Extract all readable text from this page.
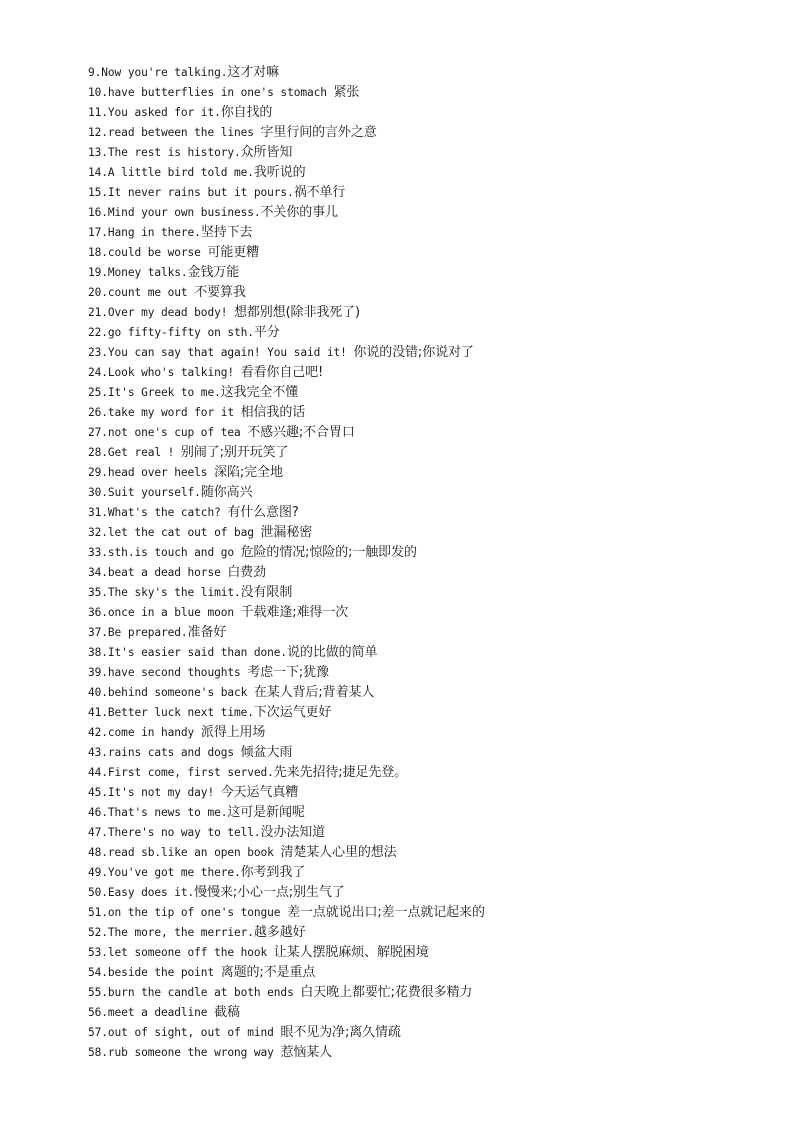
9.Now you're talking.这才对嘛
10.have butterflies in one's stomach 紧张
11.You asked for it.你自找的
12.read between the lines 字里行间的言外之意
13.The rest is history.众所皆知
14.A little bird told me.我听说的
15.It never rains but it pours.祸不单行
16.Mind your own business.不关你的事儿
17.Hang in there.坚持下去
18.could be worse 可能更糟
19.Money talks.金钱万能
20.count me out 不要算我
21.Over my dead body! 想都别想(除非我死了)
22.go fifty-fifty on sth.平分
23.You can say that again! You said it! 你说的没错;你说对了
24.Look who's talking! 看看你自己吧!
25.It's Greek to me.这我完全不懂
26.take my word for it 相信我的话
27.not one's cup of tea 不感兴趣;不合胃口
28.Get real ! 别闹了;别开玩笑了
29.head over heels 深陷;完全地
30.Suit yourself.随你高兴
31.What's the catch? 有什么意图?
32.let the cat out of bag 泄漏秘密
33.sth.is touch and go 危险的情况;惊险的;一触即发的
34.beat a dead horse 白费劲
35.The sky's the limit.没有限制
36.once in a blue moon 千载难逢;难得一次
37.Be prepared.准备好
38.It's easier said than done.说的比做的简单
39.have second thoughts 考虑一下;犹豫
40.behind someone's back 在某人背后;背着某人
41.Better luck next time.下次运气更好
42.come in handy 派得上用场
43.rains cats and dogs 倾盆大雨
44.First come, first served.先来先招待;捷足先登。
45.It's not my day! 今天运气真糟
46.That's news to me.这可是新闻呢
47.There's no way to tell.没办法知道
48.read sb.like an open book 清楚某人心里的想法
49.You've got me there.你考到我了
50.Easy does it.慢慢来;小心一点;别生气了
51.on the tip of one's tongue 差一点就说出口;差一点就记起来的
52.The more, the merrier.越多越好
53.let someone off the hook 让某人摆脱麻烦、解脱困境
54.beside the point 离题的;不是重点
55.burn the candle at both ends 白天晚上都要忙;花费很多精力
56.meet a deadline 截稿
57.out of sight, out of mind 眼不见为净;离久情疏
58.rub someone the wrong way 惹恼某人
